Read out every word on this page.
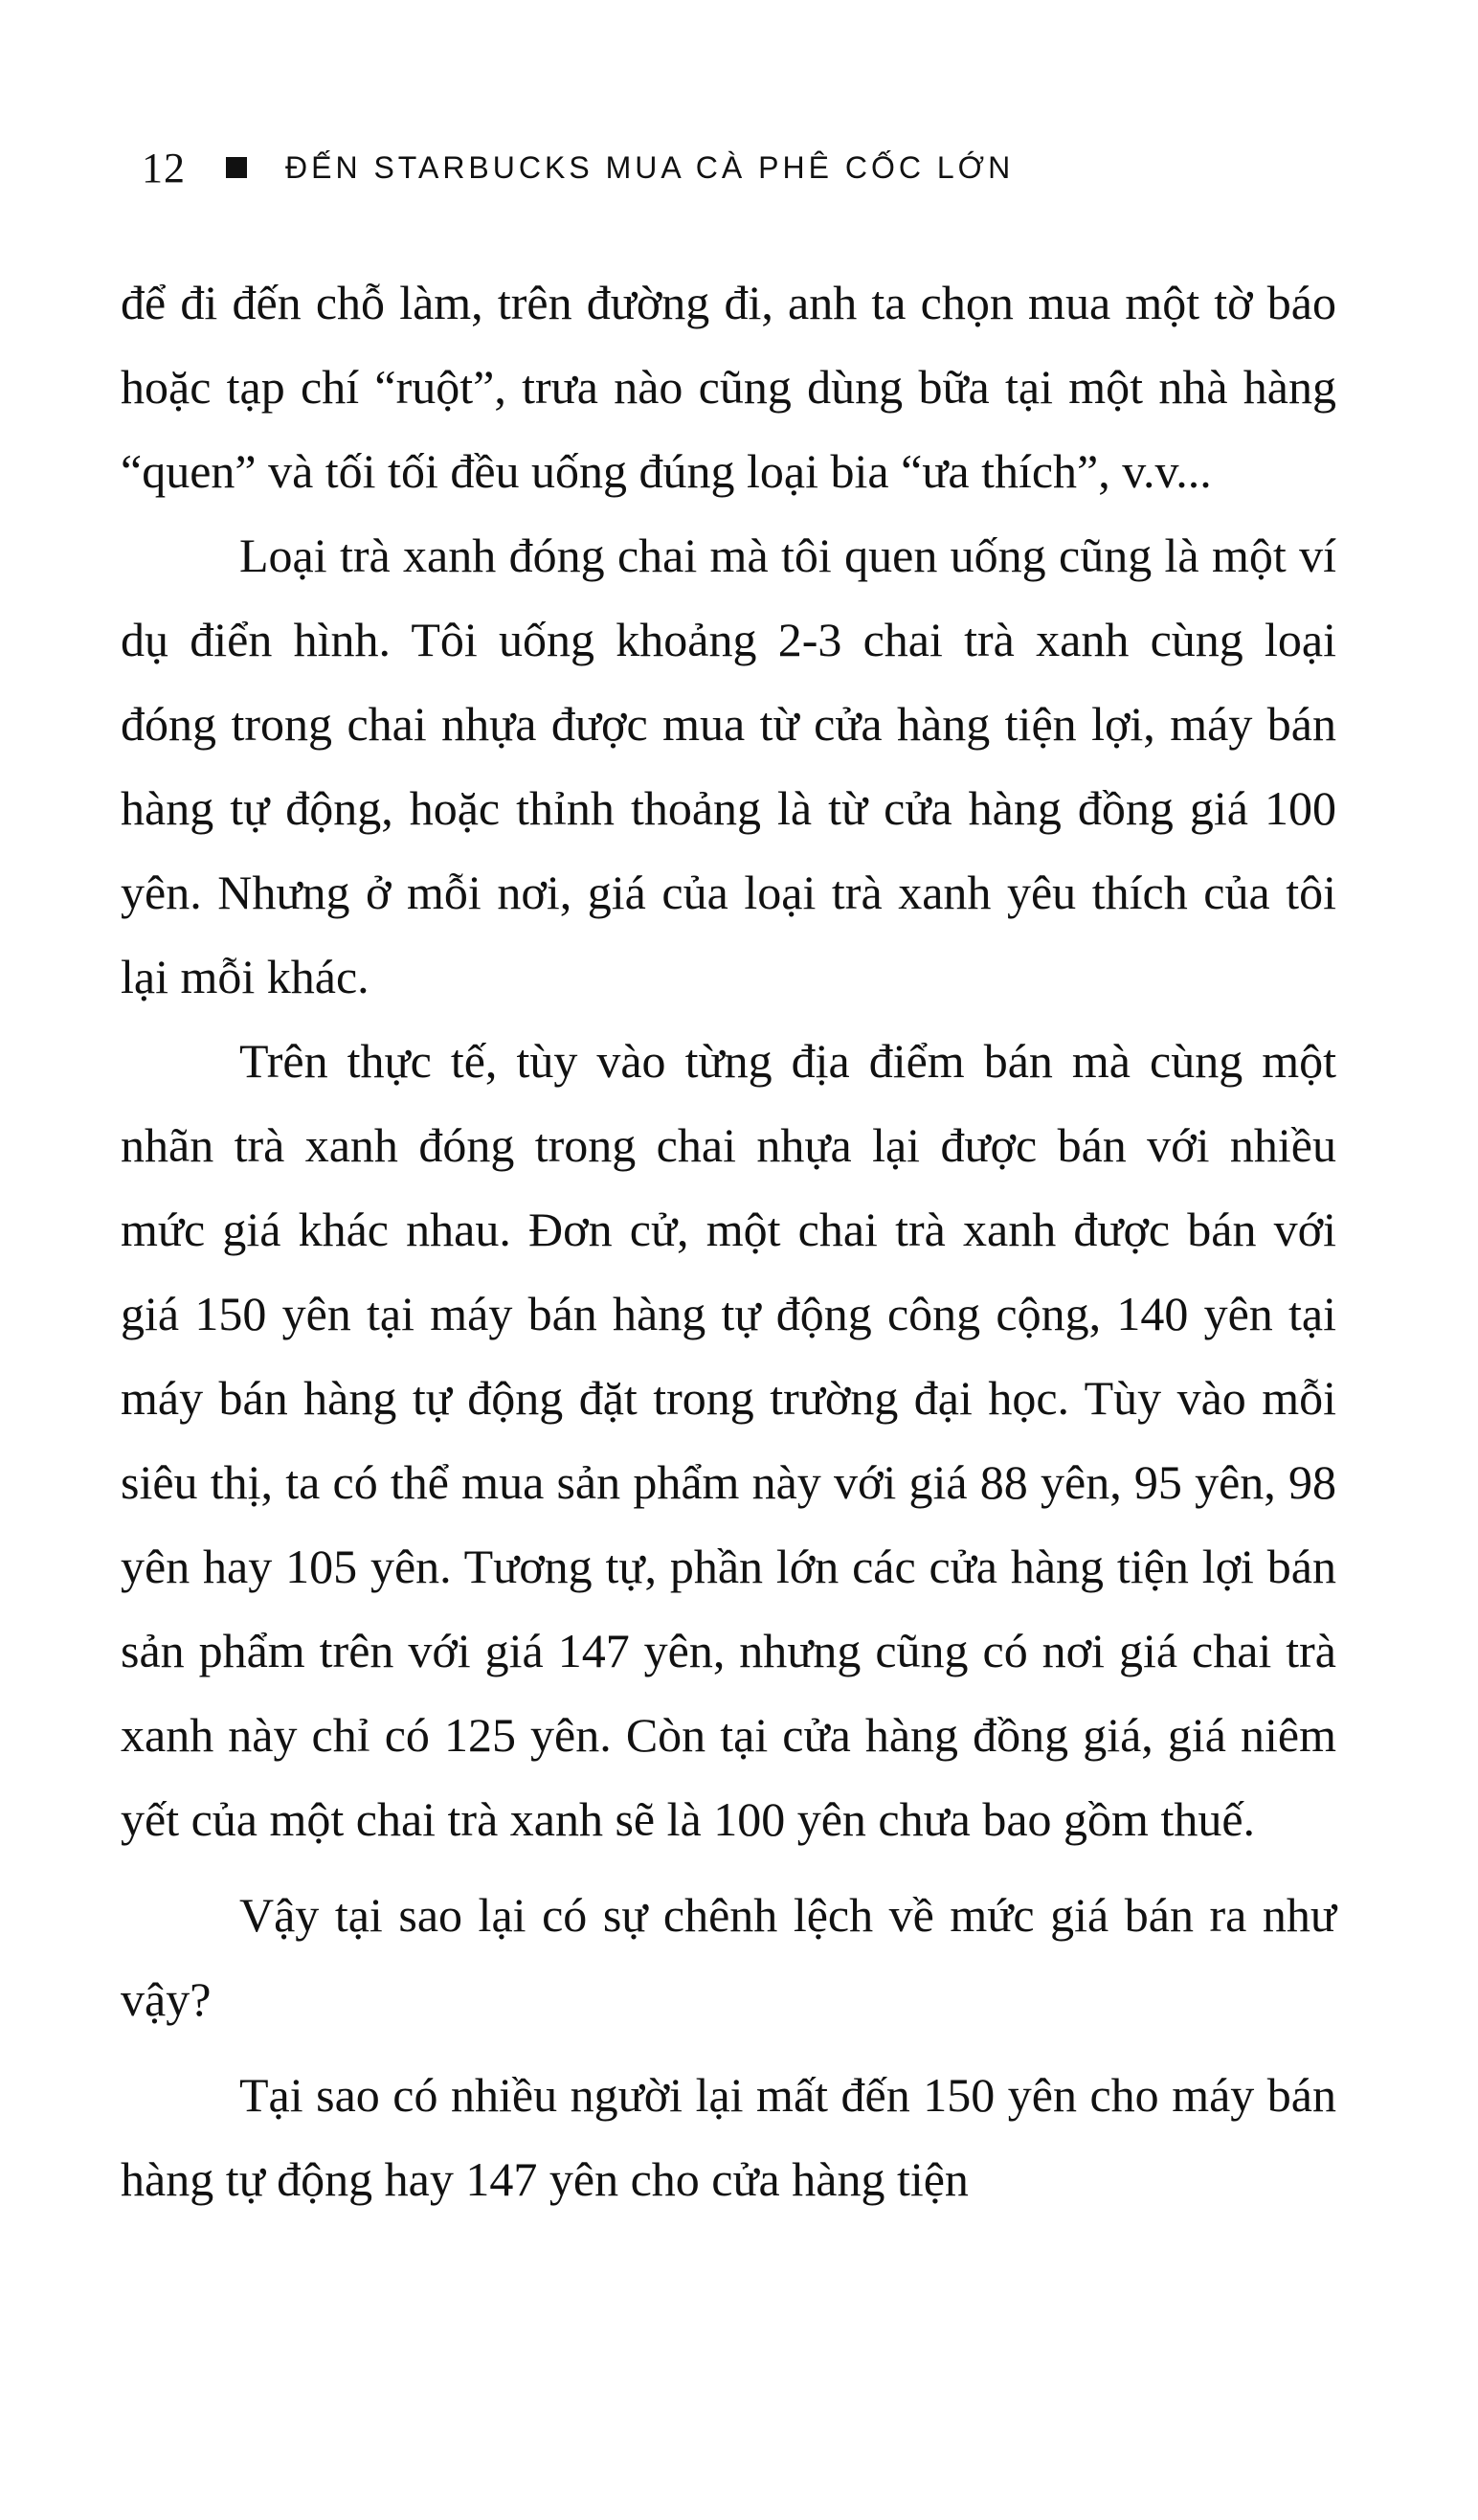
12	ĐẾN STARBUCKS MUA CÀ PHÊ CỐC LỚN

để đi đến chỗ làm, trên đường đi, anh ta chọn mua một tờ báo hoặc tạp chí “ruột”, trưa nào cũng dùng bữa tại một nhà hàng “quen” và tối tối đều uống đúng loại bia “ưa thích”, v.v...

Loại trà xanh đóng chai mà tôi quen uống cũng là một ví dụ điển hình. Tôi uống khoảng 2-3 chai trà xanh cùng loại đóng trong chai nhựa được mua từ cửa hàng tiện lợi, máy bán hàng tự động, hoặc thỉnh thoảng là từ cửa hàng đồng giá 100 yên. Nhưng ở mỗi nơi, giá của loại trà xanh yêu thích của tôi lại mỗi khác.

Trên thực tế, tùy vào từng địa điểm bán mà cùng một nhãn trà xanh đóng trong chai nhựa lại được bán với nhiều mức giá khác nhau. Đơn cử, một chai trà xanh được bán với giá 150 yên tại máy bán hàng tự động công cộng, 140 yên tại máy bán hàng tự động đặt trong trường đại học. Tùy vào mỗi siêu thị, ta có thể mua sản phẩm này với giá 88 yên, 95 yên, 98 yên hay 105 yên. Tương tự, phần lớn các cửa hàng tiện lợi bán sản phẩm trên với giá 147 yên, nhưng cũng có nơi giá chai trà xanh này chỉ có 125 yên. Còn tại cửa hàng đồng giá, giá niêm yết của một chai trà xanh sẽ là 100 yên chưa bao gồm thuế.

Vậy tại sao lại có sự chênh lệch về mức giá bán ra như vậy?

Tại sao có nhiều người lại mất đến 150 yên cho máy bán hàng tự động hay 147 yên cho cửa hàng tiện
